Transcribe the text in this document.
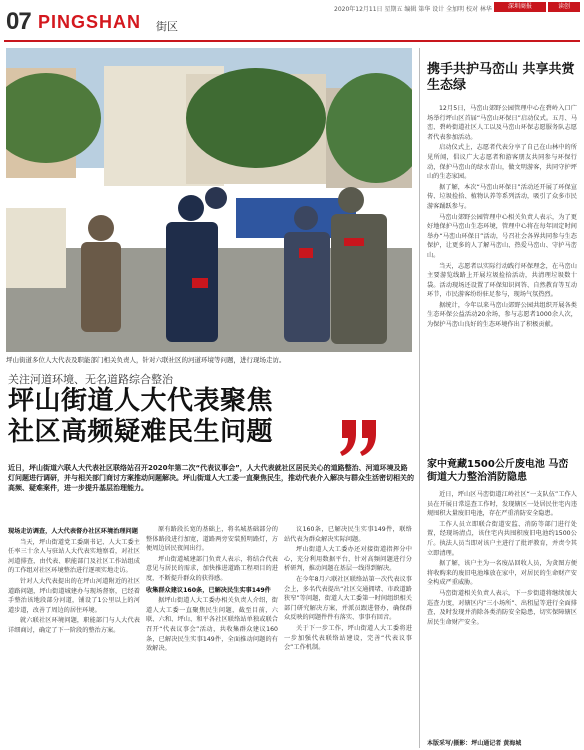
07 PINGSHAN 街区
2020年12月11日 星期五 编辑 第华 设计 全加明 校对 林华	深圳商报	读创
坪山街道多位人大代表及职能部门相关负责人，针对六联社区的河道环境等问题，进行现场走访。
关注河道环境、无名道路综合整治
坪山街道人大代表聚焦
社区高频疑难民生问题
近日，坪山街道六联人大代表社区联络站召开2020年第二次“代表议事会”，人大代表就社区居民关心的道路整治、河道环境及路灯问题进行调研，并与相关部门商讨方案推动问题解决。坪山街道人大工委一直聚焦民生，推动代表介入解决与群众生活密切相关的高频、疑难案件，进一步提升基层治理能力。

现场走访调查，人大代表督办社区环境治理问题

当天，坪山街道党工委副书记、人大工委主任率三十余人与驻站人大代表实地察看，对社区河道排查，由代表、职能部门及社区工作站组成的工作组对社区环境整治进行逐项实地走访。

针对人大代表提出的在坪山河道附近的社区道路问题，坪山街道城建办与现场督察，已经着手整治该地段部分河道，铺设了1公里以上的河道步道，改善了周边的居住环境。

就六联社区环境问题，职能部门与人大代表详细商讨，确定了下一阶段的整治方案。

原有路段长宽的基础上，将名城基础部分的整体路段进行加宽，道路两旁安装照明路灯，方便周边居民夜间出行。

坪山街道城建部门负责人表示，将结合代表意见与居民的需求，加快推进道路工程项目的进度，不断提升群众的获得感。

收集群众建议160条，已解决民生实事149件

据坪山街道人大工委办相关负责人介绍，街道人大工委一直聚焦民生问题，截至目前，六联、六和、坪山、和平各社区联络站单独或联合召开“代表议事会”活动，共收集群众建议160条，已解决民生实事149件，全面推动问题的有效解决。

议160条，已解决民生实事149件，联络站代表为群众解决实际问题。

坪山街道人大工委办还对接街道指挥分中心，充分利用数据平台，针对高频问题进行分析研判，推动问题在基层一线得到解决。

在今年8月六联社区联络站第一次代表议事会上，多名代表提出“社区交通拥堵、市政道路狭窄”等问题，街道人大工委第一时间组织相关部门研究解决方案，并派员跟进督办，确保群众反映的问题件件有落实、事事有回音。

关于下一步工作，坪山街道人大工委将进一步加强代表联络站建设，完善“代表议事会”工作机制。

携手共护马峦山 共享共赏生态绿

12月5日，马峦山郊野公园管理中心在碧岭入口广场举行坪山区首届“马峦山环保日”启动仪式。五月、马峦、碧岭街道社区人工以及马峦山环保志愿服务队志愿者代表参加活动。

启动仪式上，志愿者代表分享了自己在山林中的所见所闻，倡议广大志愿者和游客朋友共同参与环保行动，保护马峦山的绿水青山，做文明游客，共同守护坪山的生态家园。

据了解，本次“马峦山环保日”活动还开展了环保宣传、垃圾捡拾、植物认养等系列活动，吸引了众多市民游客踊跃参与。

马峦山郊野公园管理中心相关负责人表示，为了更好地保护马峦山生态环境，管理中心将在每年固定时间举办“马峦山环保日”活动，号召社会各界共同参与生态保护，让更多的人了解马峦山、热爱马峦山、守护马峦山。

当天，志愿者以实际行动践行环保理念，在马峦山主要游览线路上开展垃圾捡拾活动，共清理垃圾数十袋。活动现场还设置了环保知识问答、自然教育等互动环节，市民游客纷纷驻足参与，现场气氛热烈。

据统计，今年以来马峦山郊野公园共组织开展各类生态环保公益活动20余场，参与志愿者1000余人次，为保护马峦山良好的生态环境作出了积极贡献。

家中竟藏1500公斤废电池 马峦街道大力整治消防隐患

近日，坪山区马峦街道江岭社区“一支队伍”工作人员在开展日常巡查工作时，发现辖区一处居民住宅内违规囤积大量废旧电池，存在严重消防安全隐患。

工作人员立即联合街道安监、消防等部门进行处置，经现场清点，该住宅内共囤积废旧电池约1500公斤。执法人员当即对该户主进行了批评教育，并责令其立即清理。

据了解，该户主为一名废品回收人员，为贪图方便将收购来的废旧电池堆放在家中，对居民的生命财产安全构成严重威胁。

马峦街道相关负责人表示，下一步街道将继续加大巡查力度，对辖区内“三小场所”、出租屋等进行全面排查，及时发现并消除各类消防安全隐患，切实保障辖区居民生命财产安全。

本版采写/摄影：坪山通记者 黄海城
